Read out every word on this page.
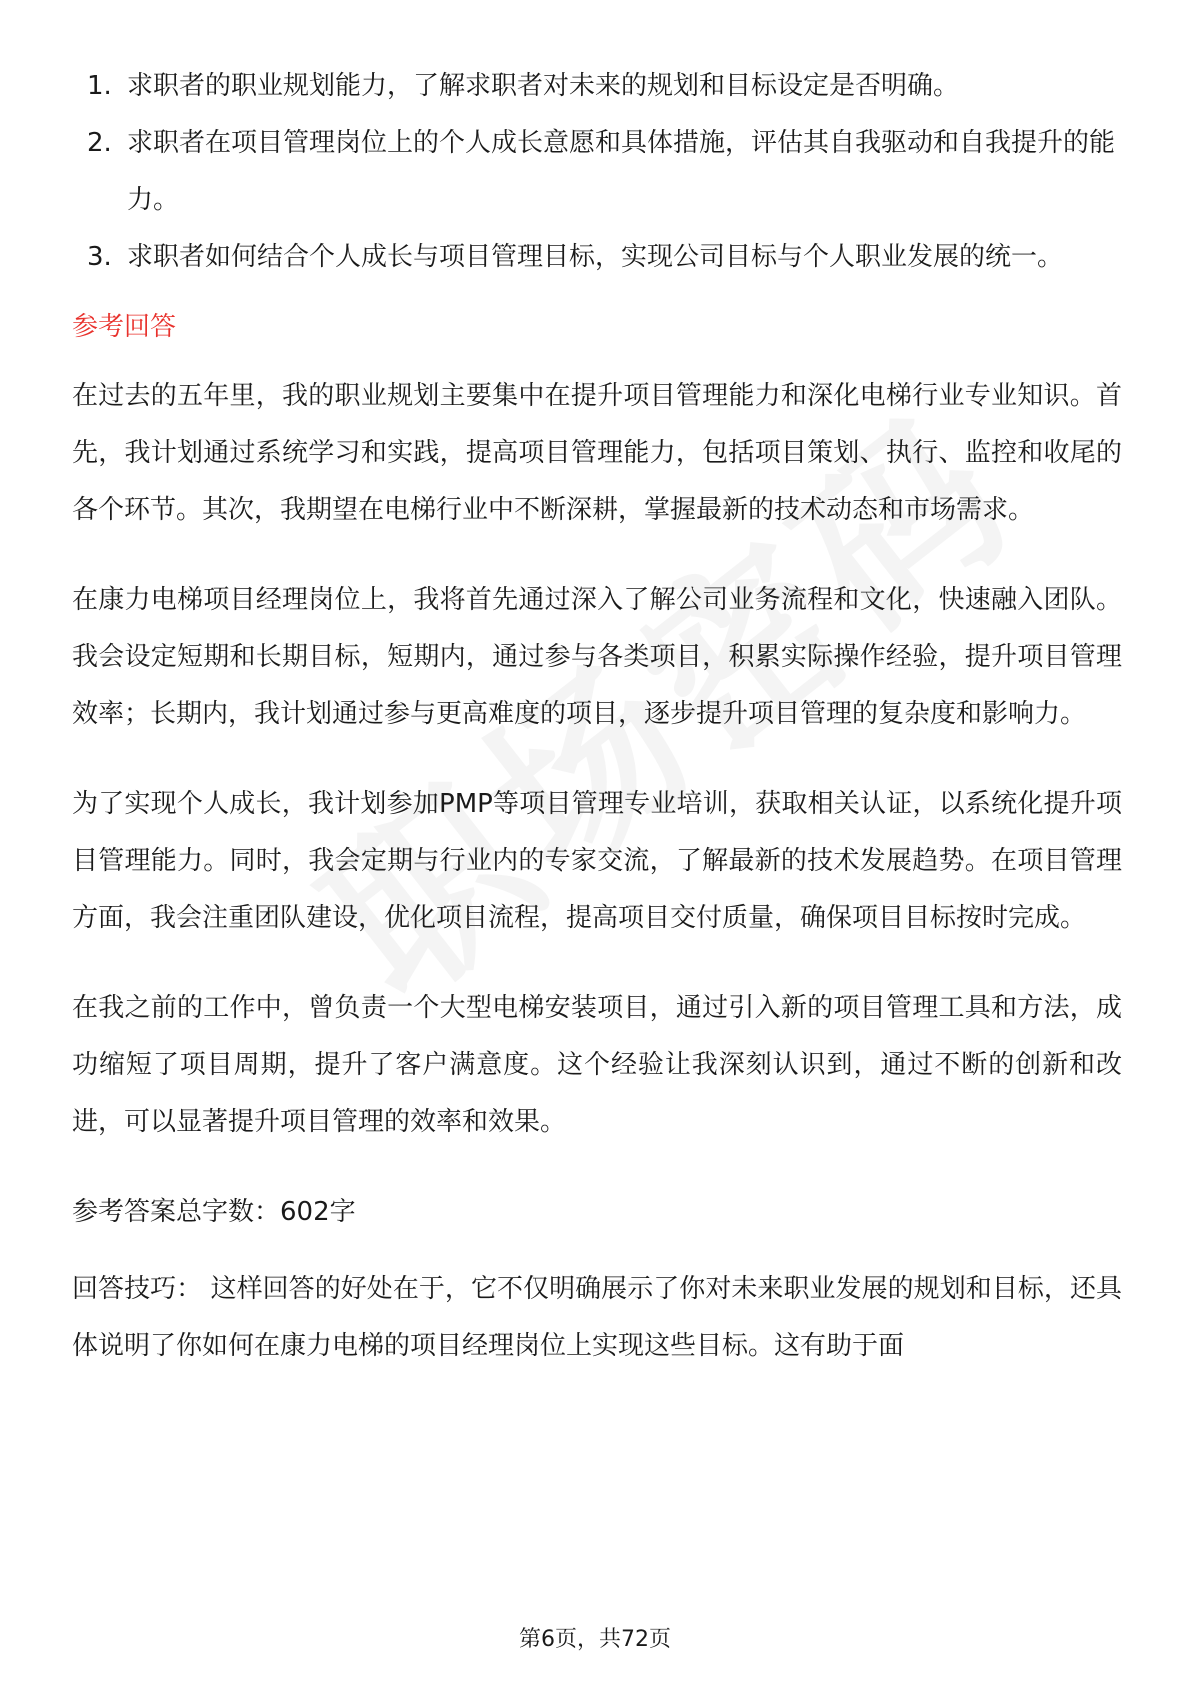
1. 求职者的职业规划能力，了解求职者对未来的规划和目标设定是否明确。
2. 求职者在项目管理岗位上的个人成长意愿和具体措施，评估其自我驱动和自我提升的能力。
3. 求职者如何结合个人成长与项目管理目标，实现公司目标与个人职业发展的统一。
参考回答

在过去的五年里，我的职业规划主要集中在提升项目管理能力和深化电梯行业专业知识。首先，我计划通过系统学习和实践，提高项目管理能力，包括项目策划、执行、监控和收尾的各个环节。其次，我期望在电梯行业中不断深耕，掌握最新的技术动态和市场需求。

在康力电梯项目经理岗位上，我将首先通过深入了解公司业务流程和文化，快速融入团队。我会设定短期和长期目标，短期内，通过参与各类项目，积累实际操作经验，提升项目管理效率；长期内，我计划通过参与更高难度的项目，逐步提升项目管理的复杂度和影响力。

为了实现个人成长，我计划参加PMP等项目管理专业培训，获取相关认证，以系统化提升项目管理能力。同时，我会定期与行业内的专家交流，了解最新的技术发展趋势。在项目管理方面，我会注重团队建设，优化项目流程，提高项目交付质量，确保项目目标按时完成。

在我之前的工作中，曾负责一个大型电梯安装项目，通过引入新的项目管理工具和方法，成功缩短了项目周期，提升了客户满意度。这个经验让我深刻认识到，通过不断的创新和改进，可以显著提升项目管理的效率和效果。

参考答案总字数：602字

回答技巧： 这样回答的好处在于，它不仅明确展示了你对未来职业发展的规划和目标，还具体说明了你如何在康力电梯的项目经理岗位上实现这些目标。这有助于面

第6页，共72页
